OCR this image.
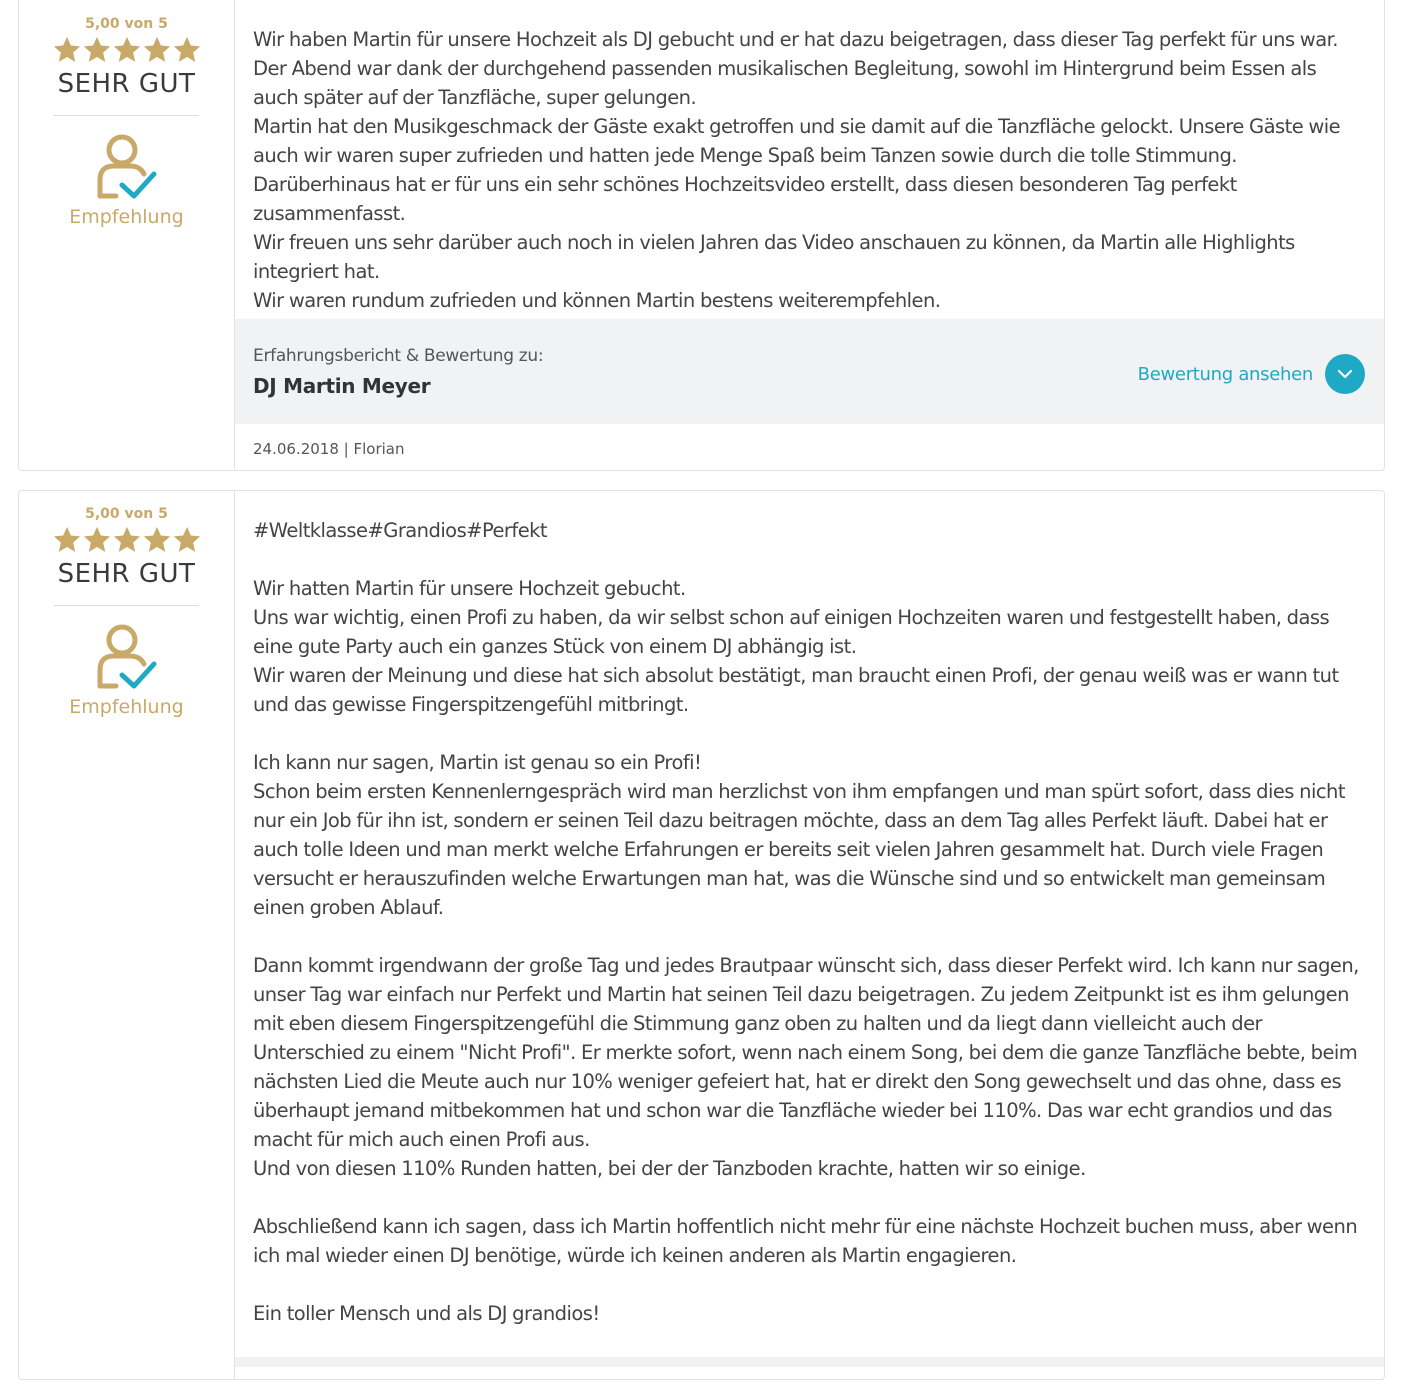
5,00 von 5
SEHR GUT
Empfehlung
Wir haben Martin für unsere Hochzeit als DJ gebucht und er hat dazu beigetragen, dass dieser Tag perfekt für uns war.
Der Abend war dank der durchgehend passenden musikalischen Begleitung, sowohl im Hintergrund beim Essen als auch später auf der Tanzfläche, super gelungen.
Martin hat den Musikgeschmack der Gäste exakt getroffen und sie damit auf die Tanzfläche gelockt. Unsere Gäste wie auch wir waren super zufrieden und hatten jede Menge Spaß beim Tanzen sowie durch die tolle Stimmung.
Darüberhinaus hat er für uns ein sehr schönes Hochzeitsvideo erstellt, dass diesen besonderen Tag perfekt zusammenfasst.
Wir freuen uns sehr darüber auch noch in vielen Jahren das Video anschauen zu können, da Martin alle Highlights integriert hat.
Wir waren rundum zufrieden und können Martin bestens weiterempfehlen.
Erfahrungsbericht & Bewertung zu:
DJ Martin Meyer	Bewertung ansehen
24.06.2018 | Florian
5,00 von 5
SEHR GUT
Empfehlung
#Weltklasse#Grandios#Perfekt

Wir hatten Martin für unsere Hochzeit gebucht.
Uns war wichtig, einen Profi zu haben, da wir selbst schon auf einigen Hochzeiten waren und festgestellt haben, dass eine gute Party auch ein ganzes Stück von einem DJ abhängig ist.
Wir waren der Meinung und diese hat sich absolut bestätigt, man braucht einen Profi, der genau weiß was er wann tut und das gewisse Fingerspitzengefühl mitbringt.

Ich kann nur sagen, Martin ist genau so ein Profi!
Schon beim ersten Kennenlerngespräch wird man herzlichst von ihm empfangen und man spürt sofort, dass dies nicht nur ein Job für ihn ist, sondern er seinen Teil dazu beitragen möchte, dass an dem Tag alles Perfekt läuft. Dabei hat er auch tolle Ideen und man merkt welche Erfahrungen er bereits seit vielen Jahren gesammelt hat. Durch viele Fragen versucht er herauszufinden welche Erwartungen man hat, was die Wünsche sind und so entwickelt man gemeinsam einen groben Ablauf.

Dann kommt irgendwann der große Tag und jedes Brautpaar wünscht sich, dass dieser Perfekt wird. Ich kann nur sagen, unser Tag war einfach nur Perfekt und Martin hat seinen Teil dazu beigetragen. Zu jedem Zeitpunkt ist es ihm gelungen mit eben diesem Fingerspitzengefühl die Stimmung ganz oben zu halten und da liegt dann vielleicht auch der Unterschied zu einem "Nicht Profi". Er merkte sofort, wenn nach einem Song, bei dem die ganze Tanzfläche bebte, beim nächsten Lied die Meute auch nur 10% weniger gefeiert hat, hat er direkt den Song gewechselt und das ohne, dass es überhaupt jemand mitbekommen hat und schon war die Tanzfläche wieder bei 110%. Das war echt grandios und das macht für mich auch einen Profi aus.
Und von diesen 110% Runden hatten, bei der der Tanzboden krachte, hatten wir so einige.

Abschließend kann ich sagen, dass ich Martin hoffentlich nicht mehr für eine nächste Hochzeit buchen muss, aber wenn ich mal wieder einen DJ benötige, würde ich keinen anderen als Martin engagieren.

Ein toller Mensch und als DJ grandios!
